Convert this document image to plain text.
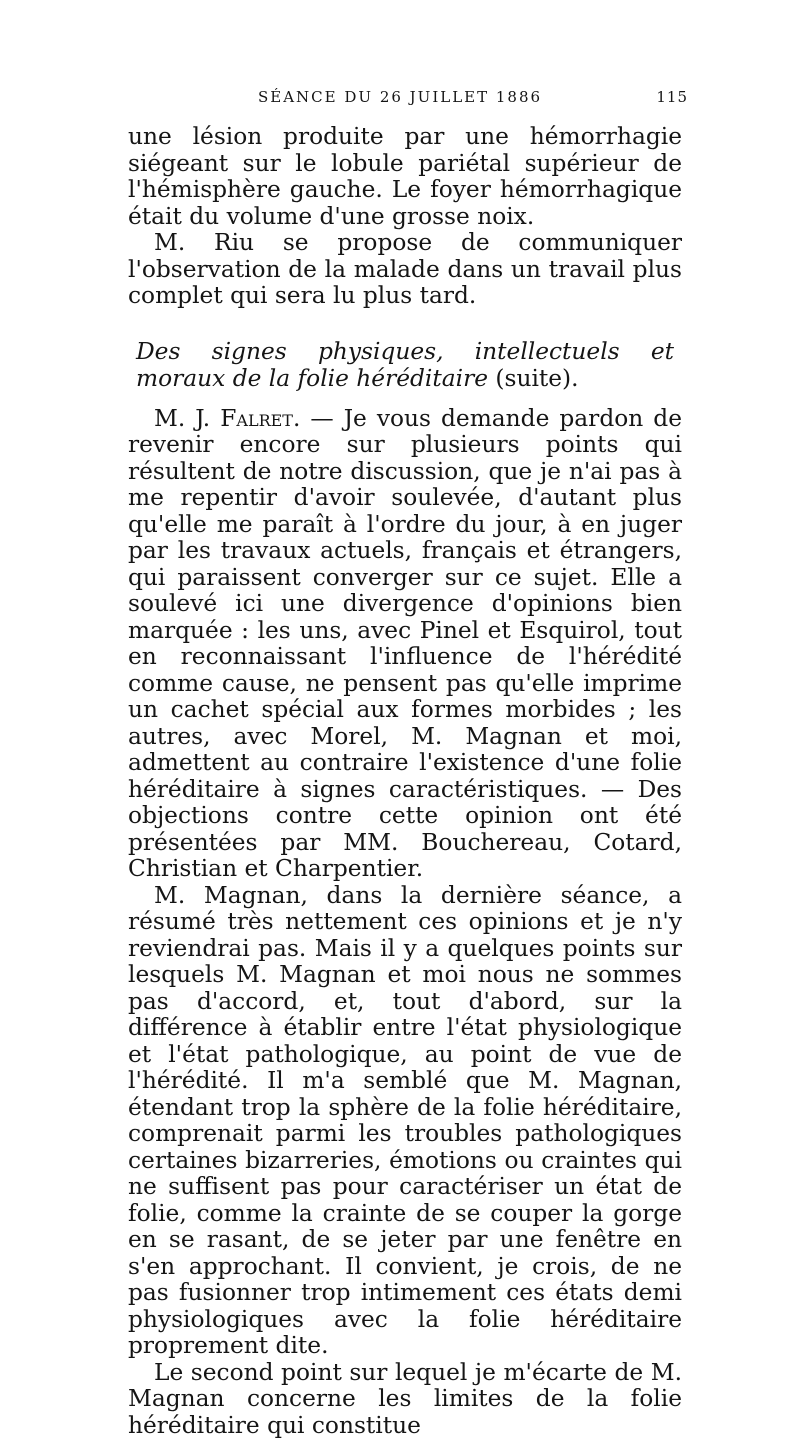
SÉANCE DU 26 JUILLET 1886	115

une lésion produite par une hémorrhagie siégeant sur le lobule pariétal supérieur de l'hémisphère gauche. Le foyer hémorrhagique était du volume d'une grosse noix.

M. Riu se propose de communiquer l'observation de la malade dans un travail plus complet qui sera lu plus tard.

Des signes physiques, intellectuels et moraux de la folie héréditaire (suite).

M. J. Falret. — Je vous demande pardon de revenir encore sur plusieurs points qui résultent de notre discussion, que je n'ai pas à me repentir d'avoir soulevée, d'autant plus qu'elle me paraît à l'ordre du jour, à en juger par les travaux actuels, français et étrangers, qui paraissent converger sur ce sujet. Elle a soulevé ici une divergence d'opinions bien marquée : les uns, avec Pinel et Esquirol, tout en reconnaissant l'influence de l'hérédité comme cause, ne pensent pas qu'elle imprime un cachet spécial aux formes morbides ; les autres, avec Morel, M. Magnan et moi, admettent au contraire l'existence d'une folie héréditaire à signes caractéristiques. — Des objections contre cette opinion ont été présentées par MM. Bouchereau, Cotard, Christian et Charpentier.

M. Magnan, dans la dernière séance, a résumé très nettement ces opinions et je n'y reviendrai pas. Mais il y a quelques points sur lesquels M. Magnan et moi nous ne sommes pas d'accord, et, tout d'abord, sur la différence à établir entre l'état physiologique et l'état pathologique, au point de vue de l'hérédité. Il m'a semblé que M. Magnan, étendant trop la sphère de la folie héréditaire, comprenait parmi les troubles pathologiques certaines bizarreries, émotions ou craintes qui ne suffisent pas pour caractériser un état de folie, comme la crainte de se couper la gorge en se rasant, de se jeter par une fenêtre en s'en approchant. Il convient, je crois, de ne pas fusionner trop intimement ces états demi physiologiques avec la folie héréditaire proprement dite.

Le second point sur lequel je m'écarte de M. Magnan concerne les limites de la folie héréditaire qui constitue
